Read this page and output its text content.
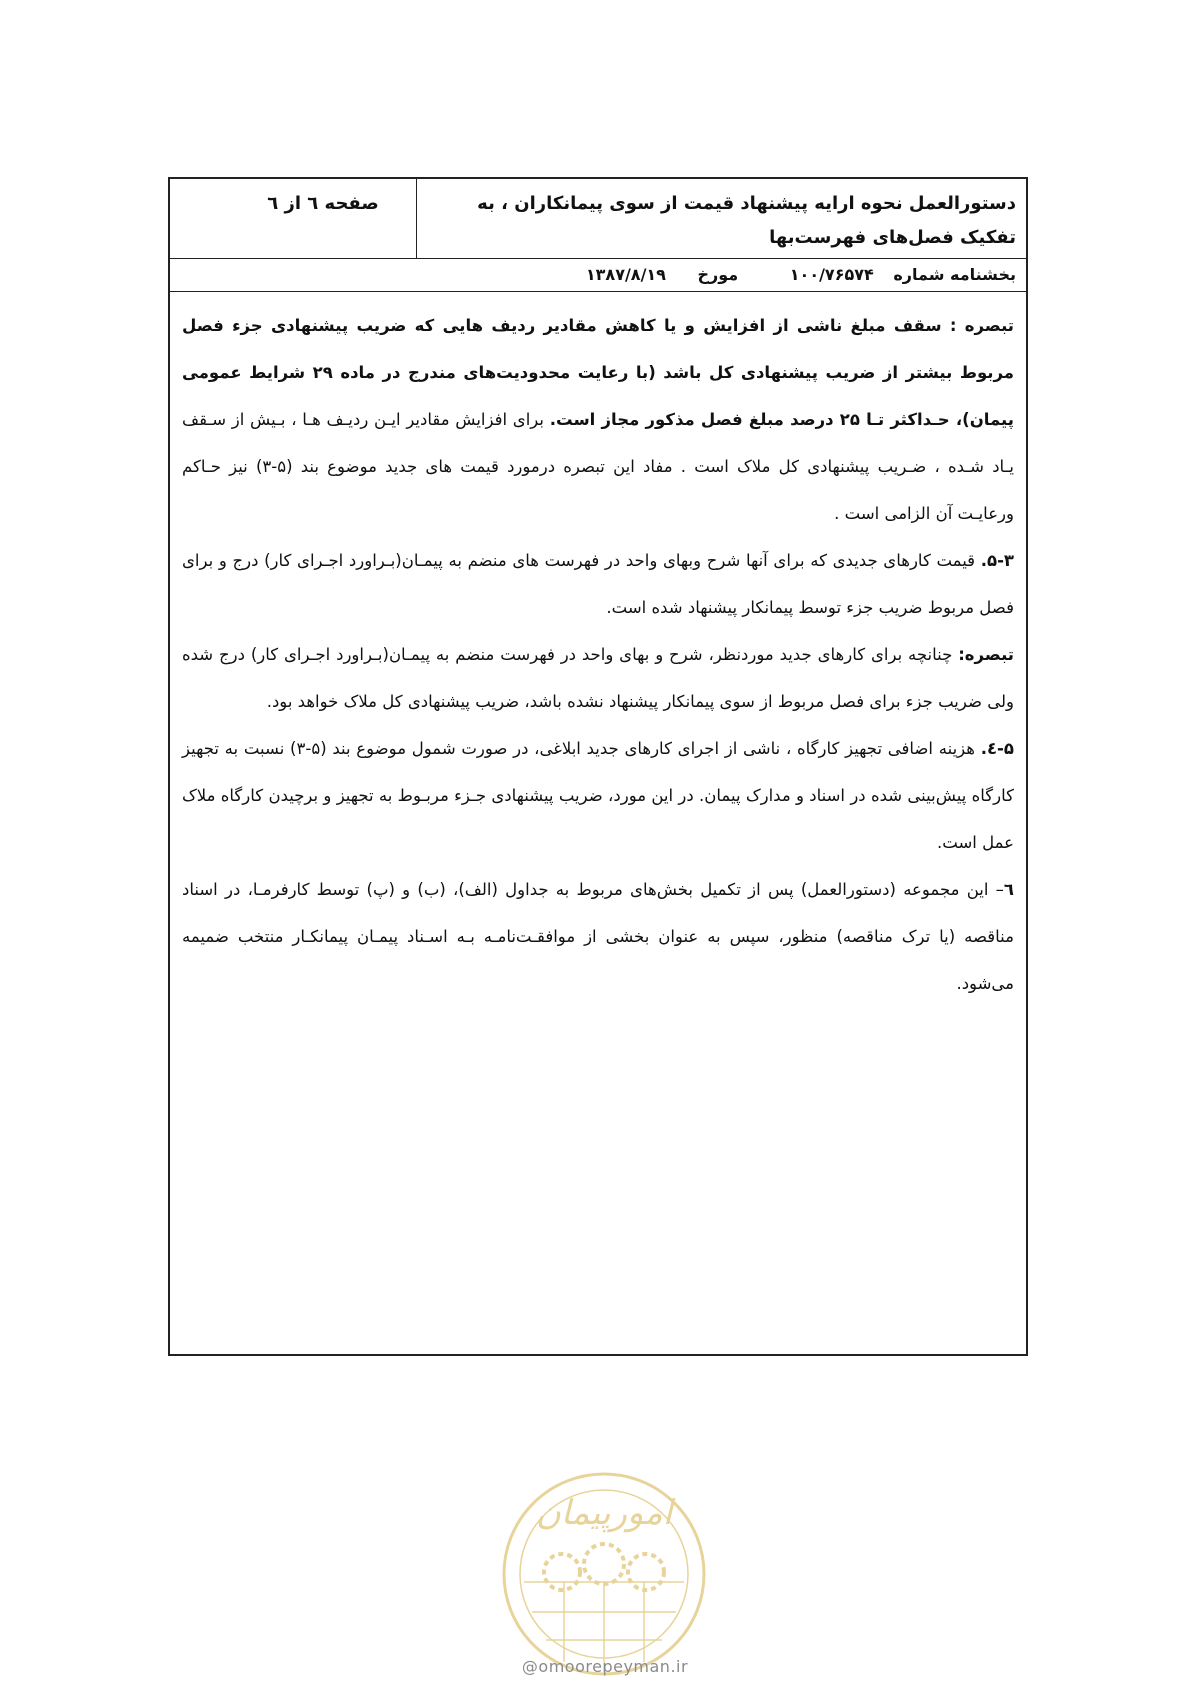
دستورالعمل نحوه ارایه پیشنهاد قیمت از سوی پیمانکاران ، به تفکیک فصل‌های فهرست‌بها
صفحه ٦ از ٦
بخشنامه شماره ۱۰۰/۷۶۵۷۴ مورخ ۱۳۸۷/۸/۱۹

تبصره : سقف مبلغ ناشی از افزایش و یا کاهش مقادیر ردیف هایی که ضریب پیشنهادی جزء فصل مربوط بیشتر از ضریب پیشنهادی کل باشد (با رعایت محدودیت‌های مندرج در ماده ۲۹ شرایط عمومی پیمان)، حـداکثر تـا ۲۵ درصد مبلغ فصل مذکور مجاز است. برای افزایش مقادیر ایـن ردیـف هـا ، بـیش از سـقف یـاد شـده ، ضـریب پیشنهادی کل ملاک است . مفاد این تبصره درمورد قیمت های جدید موضوع بند (۵-۳) نیز حـاکم ورعایـت آن الزامی است .

۵-۳. قیمت کارهای جدیدی که برای آنها شرح وبهای واحد در فهرست های منضم به پیمـان(بـراورد اجـرای کار) درج و برای فصل مربوط ضریب جزء توسط پیمانکار پیشنهاد شده است.

تبصره: چنانچه برای کارهای جدید موردنظر، شرح و بهای واحد در فهرست منضم به پیمـان(بـراورد اجـرای کار) درج شده ولی ضریب جزء برای فصل مربوط از سوی پیمانکار پیشنهاد نشده باشد، ضریب پیشنهادی کل ملاک خواهد بود.

۵-٤. هزینه اضافی تجهیز کارگاه ، ناشی از اجرای کارهای جدید ابلاغی، در صورت شمول موضوع بند (۵-۳) نسبت به تجهیز کارگاه پیش‌بینی شده در اسناد و مدارک پیمان. در این مورد، ضریب پیشنهادی جـزء مربـوط به تجهیز و برچیدن کارگاه ملاک عمل است.

٦– این مجموعه (دستورالعمل) پس از تکمیل بخش‌های مربوط به جداول (الف)، (ب) و (پ) توسط کارفرمـا، در اسناد مناقصه (یا ترک مناقصه) منظور، سپس به عنوان بخشی از موافقـت‌نامـه بـه اسـناد پیمـان پیمانکـار منتخب ضمیمه می‌شود.

امورپیمان
@omoorepeyman.ir
